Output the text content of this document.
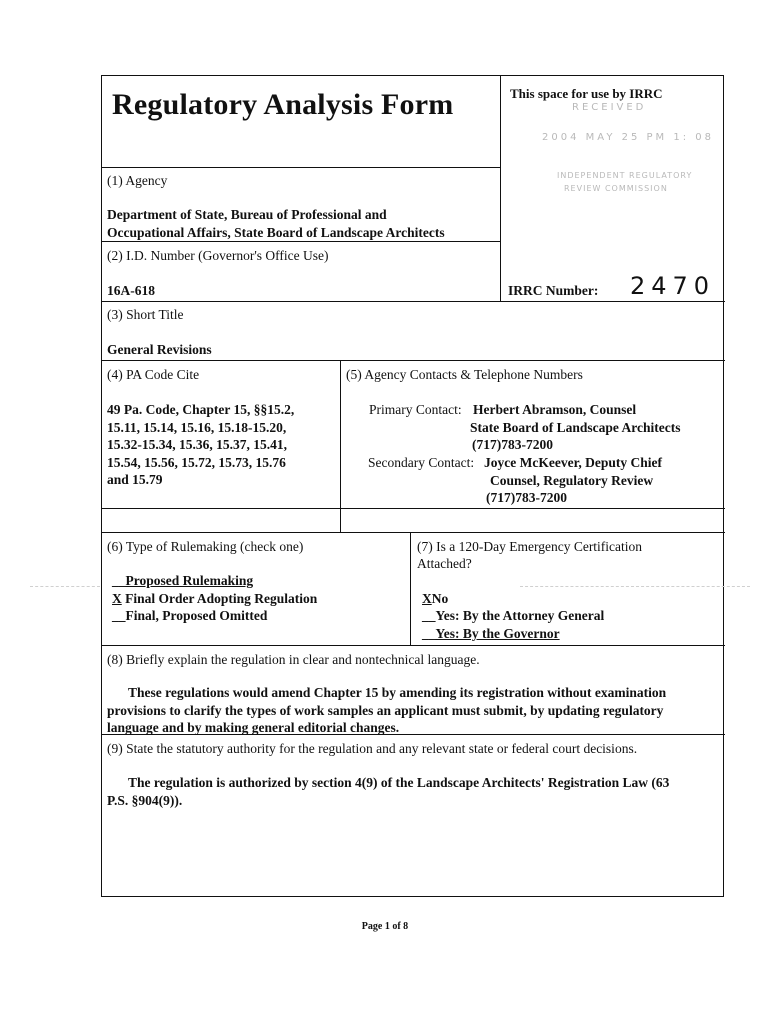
Regulatory Analysis Form	This space for use by IRRC
RECEIVED
2004 MAY 25 PM 1: 08
INDEPENDENT REGULATORY
REVIEW COMMISSION
IRRC Number: 2470
(1) Agency
Department of State, Bureau of Professional and
Occupational Affairs, State Board of Landscape Architects
(2) I.D. Number (Governor's Office Use)
16A-618
(3) Short Title
General Revisions
(4) PA Code Cite
49 Pa. Code, Chapter 15, §§15.2,
15.11, 15.14, 15.16, 15.18-15.20,
15.32-15.34, 15.36, 15.37, 15.41,
15.54, 15.56, 15.72, 15.73, 15.76
and 15.79
(5) Agency Contacts & Telephone Numbers
Primary Contact: Herbert Abramson, Counsel
State Board of Landscape Architects
(717)783-7200
Secondary Contact: Joyce McKeever, Deputy Chief
Counsel, Regulatory Review
(717)783-7200
(6) Type of Rulemaking (check one)
__Proposed Rulemaking
X Final Order Adopting Regulation
__Final, Proposed Omitted
(7) Is a 120-Day Emergency Certification
Attached?
XNo
__Yes: By the Attorney General
__Yes: By the Governor
(8) Briefly explain the regulation in clear and nontechnical language.
These regulations would amend Chapter 15 by amending its registration without examination
provisions to clarify the types of work samples an applicant must submit, by updating regulatory
language and by making general editorial changes.
(9) State the statutory authority for the regulation and any relevant state or federal court decisions.
The regulation is authorized by section 4(9) of the Landscape Architects' Registration Law (63
P.S. §904(9)).
Page 1 of 8
